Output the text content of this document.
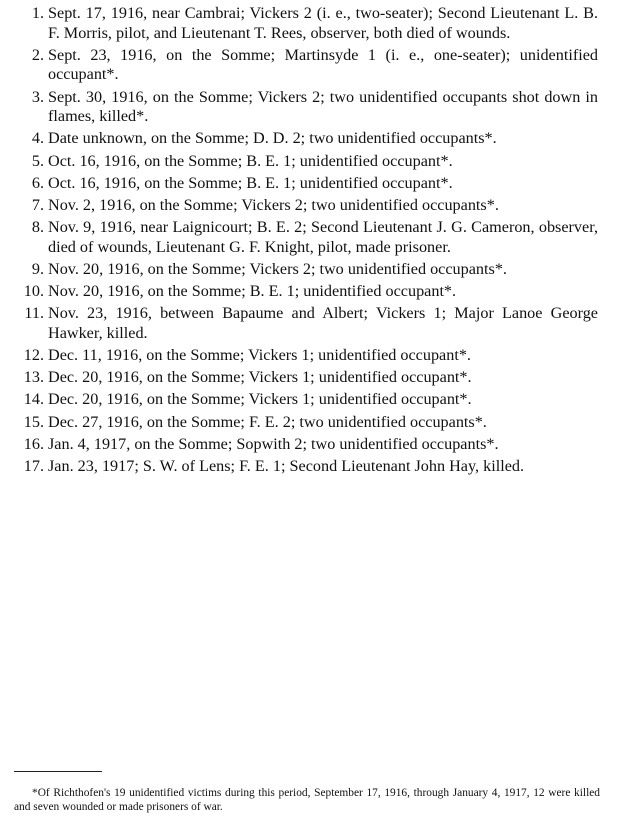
1. Sept. 17, 1916, near Cambrai; Vickers 2 (i. e., two-seater); Second Lieutenant L. B. F. Morris, pilot, and Lieutenant T. Rees, observer, both died of wounds.
2. Sept. 23, 1916, on the Somme; Martinsyde 1 (i. e., one-seater); unidentified occupant*.
3. Sept. 30, 1916, on the Somme; Vickers 2; two unidentified occupants shot down in flames, killed*.
4. Date unknown, on the Somme; D. D. 2; two unidentified occupants*.
5. Oct. 16, 1916, on the Somme; B. E. 1; unidentified occupant*.
6. Oct. 16, 1916, on the Somme; B. E. 1; unidentified occupant*.
7. Nov. 2, 1916, on the Somme; Vickers 2; two unidentified occupants*.
8. Nov. 9, 1916, near Laignicourt; B. E. 2; Second Lieutenant J. G. Cameron, observer, died of wounds, Lieutenant G. F. Knight, pilot, made prisoner.
9. Nov. 20, 1916, on the Somme; Vickers 2; two unidentified occupants*.
10. Nov. 20, 1916, on the Somme; B. E. 1; unidentified occupant*.
11. Nov. 23, 1916, between Bapaume and Albert; Vickers 1; Major Lanoe George Hawker, killed.
12. Dec. 11, 1916, on the Somme; Vickers 1; unidentified occupant*.
13. Dec. 20, 1916, on the Somme; Vickers 1; unidentified occupant*.
14. Dec. 20, 1916, on the Somme; Vickers 1; unidentified occupant*.
15. Dec. 27, 1916, on the Somme; F. E. 2; two unidentified occupants*.
16. Jan. 4, 1917, on the Somme; Sopwith 2; two unidentified occupants*.
17. Jan. 23, 1917; S. W. of Lens; F. E. 1; Second Lieutenant John Hay, killed.

*Of Richthofen's 19 unidentified victims during this period, September 17, 1916, through January 4, 1917, 12 were killed and seven wounded or made prisoners of war.
